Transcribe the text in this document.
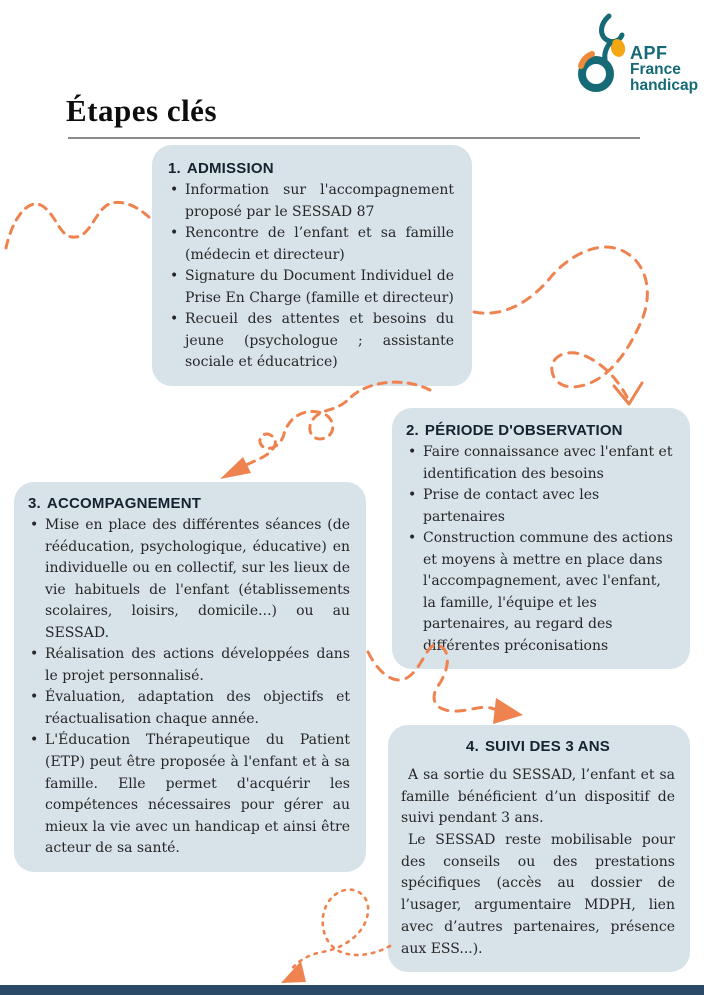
APF
France
handicap
Étapes clés
1. ADMISSION
• Information sur l'accompagnement proposé par le SESSAD 87
• Rencontre de l’enfant et sa famille (médecin et directeur)
• Signature du Document Individuel de Prise En Charge (famille et directeur)
• Recueil des attentes et besoins du jeune (psychologue ; assistante sociale et éducatrice)
2. PÉRIODE D'OBSERVATION
• Faire connaissance avec l'enfant et identification des besoins
• Prise de contact avec les partenaires
• Construction commune des actions et moyens à mettre en place dans l'accompagnement, avec l'enfant, la famille, l'équipe et les partenaires, au regard des différentes préconisations
3. ACCOMPAGNEMENT
• Mise en place des différentes séances (de rééducation, psychologique, éducative) en individuelle ou en collectif, sur les lieux de vie habituels de l'enfant (établissements scolaires, loisirs, domicile...) ou au SESSAD.
• Réalisation des actions développées dans le projet personnalisé.
• Évaluation, adaptation des objectifs et réactualisation chaque année.
• L'Éducation Thérapeutique du Patient (ETP) peut être proposée à l'enfant et à sa famille. Elle permet d'acquérir les compétences nécessaires pour gérer au mieux la vie avec un handicap et ainsi être acteur de sa santé.
4. SUIVI DES 3 ANS

A sa sortie du SESSAD, l’enfant et sa famille bénéficient d’un dispositif de suivi pendant 3 ans.

Le SESSAD reste mobilisable pour des conseils ou des prestations spécifiques (accès au dossier de l’usager, argumentaire MDPH, lien avec d’autres partenaires, présence aux ESS...).
